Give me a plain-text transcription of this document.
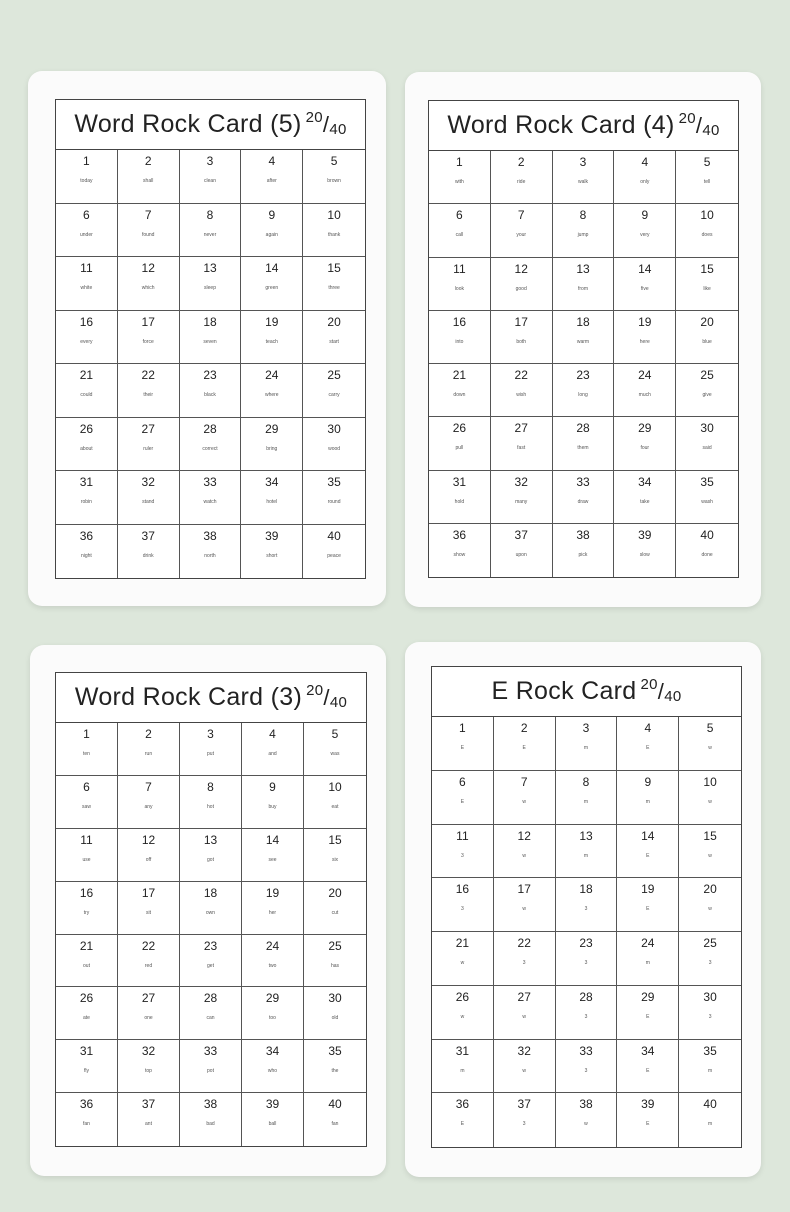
Word Rock Card (5) 20/40
1
today
2
shall
3
clean
4
after
5
brown
6
under
7
found
8
never
9
again
10
thank
11
white
12
which
13
sleep
14
green
15
three
16
every
17
force
18
seven
19
teach
20
start
21
could
22
their
23
black
24
where
25
carry
26
about
27
ruler
28
correct
29
bring
30
wood
31
robin
32
stand
33
watch
34
hotel
35
round
36
night
37
drink
38
north
39
short
40
peace
Word Rock Card (4) 20/40
1
with
2
ride
3
walk
4
only
5
tell
6
call
7
your
8
jump
9
very
10
does
11
look
12
good
13
from
14
five
15
like
16
into
17
both
18
warm
19
here
20
blue
21
down
22
wish
23
long
24
much
25
give
26
pull
27
fast
28
them
29
four
30
said
31
hold
32
many
33
draw
34
take
35
wash
36
show
37
upon
38
pick
39
slow
40
done
Word Rock Card (3) 20/40
1
ten
2
run
3
put
4
and
5
was
6
saw
7
any
8
hot
9
buy
10
eat
11
use
12
off
13
got
14
see
15
six
16
try
17
sit
18
own
19
her
20
cut
21
out
22
red
23
get
24
two
25
has
26
ate
27
one
28
can
29
too
30
old
31
fly
32
top
33
pot
34
who
35
the
36
fan
37
ant
38
bad
39
ball
40
fan
E Rock Card 20/40
1
E
2
E
3
m
4
E
5
w
6
E
7
w
8
m
9
m
10
w
11
3
12
w
13
m
14
E
15
w
16
3
17
w
18
3
19
E
20
w
21
w
22
3
23
3
24
m
25
3
26
w
27
w
28
3
29
E
30
3
31
m
32
w
33
3
34
E
35
m
36
E
37
3
38
w
39
E
40
m
